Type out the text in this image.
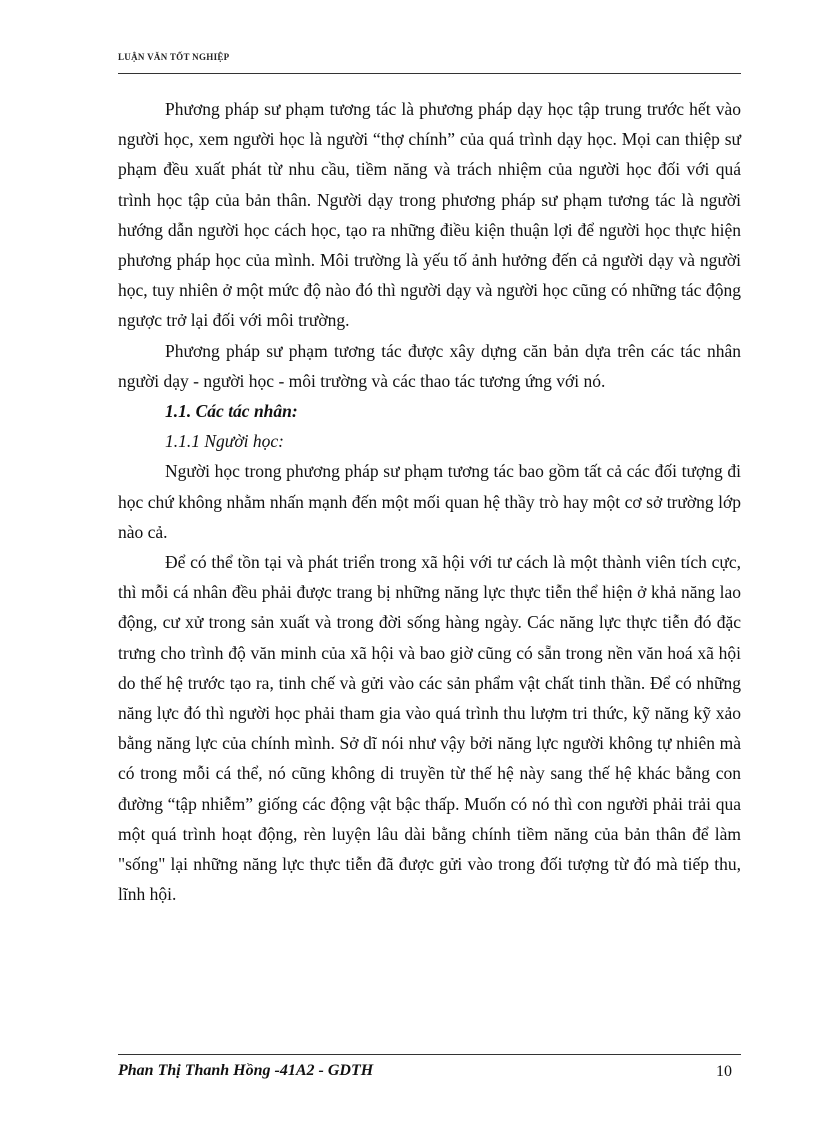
LUẬN VĂN TỐT NGHIỆP

Phương pháp sư phạm tương tác là phương pháp dạy học tập trung trước hết vào người học, xem người học là người “thợ chính” của quá trình dạy học. Mọi can thiệp sư phạm đều xuất phát từ nhu cầu, tiềm năng và trách nhiệm của người học đối với quá trình học tập của bản thân. Người dạy trong phương pháp sư phạm tương tác là người hướng dẫn người học cách học, tạo ra những điều kiện thuận lợi để người học thực hiện phương pháp học của mình. Môi trường là yếu tố ảnh hưởng đến cả người dạy và người học, tuy nhiên ở một mức độ nào đó thì người dạy và người học cũng có những tác động ngược trở lại đối với môi trường.

Phương pháp sư phạm tương tác được xây dựng căn bản dựa trên các tác nhân người dạy - người học - môi trường và các thao tác tương ứng với nó.

1.1. Các tác nhân:
1.1.1 Người học:

Người học trong phương pháp sư phạm tương tác bao gồm tất cả các đối tượng đi học chứ không nhằm nhấn mạnh đến một mối quan hệ thầy trò hay một cơ sở trường lớp nào cả.

Để có thể tồn tại và phát triển trong xã hội với tư cách là một thành viên tích cực, thì mỗi cá nhân đều phải được trang bị những năng lực thực tiễn thể hiện ở khả năng lao động, cư xử trong sản xuất và trong đời sống hàng ngày. Các năng lực thực tiễn đó đặc trưng cho trình độ văn minh của xã hội và bao giờ cũng có sẵn trong nền văn hoá xã hội do thế hệ trước tạo ra, tinh chế và gửi vào các sản phẩm vật chất tinh thần. Để có những năng lực đó thì người học phải tham gia vào quá trình thu lượm tri thức, kỹ năng kỹ xảo bằng năng lực của chính mình. Sở dĩ nói như vậy bởi năng lực người không tự nhiên mà có trong mỗi cá thể, nó cũng không di truyền từ thế hệ này sang thế hệ khác bằng con đường “tập nhiễm” giống các động vật bậc thấp. Muốn có nó thì con người phải trải qua một quá trình hoạt động, rèn luyện lâu dài bằng chính tiềm năng của bản thân để làm "sống" lại những năng lực thực tiễn đã được gửi vào trong đối tượng từ đó mà tiếp thu, lĩnh hội.

Phan Thị Thanh Hồng -41A2 - GDTH	10
